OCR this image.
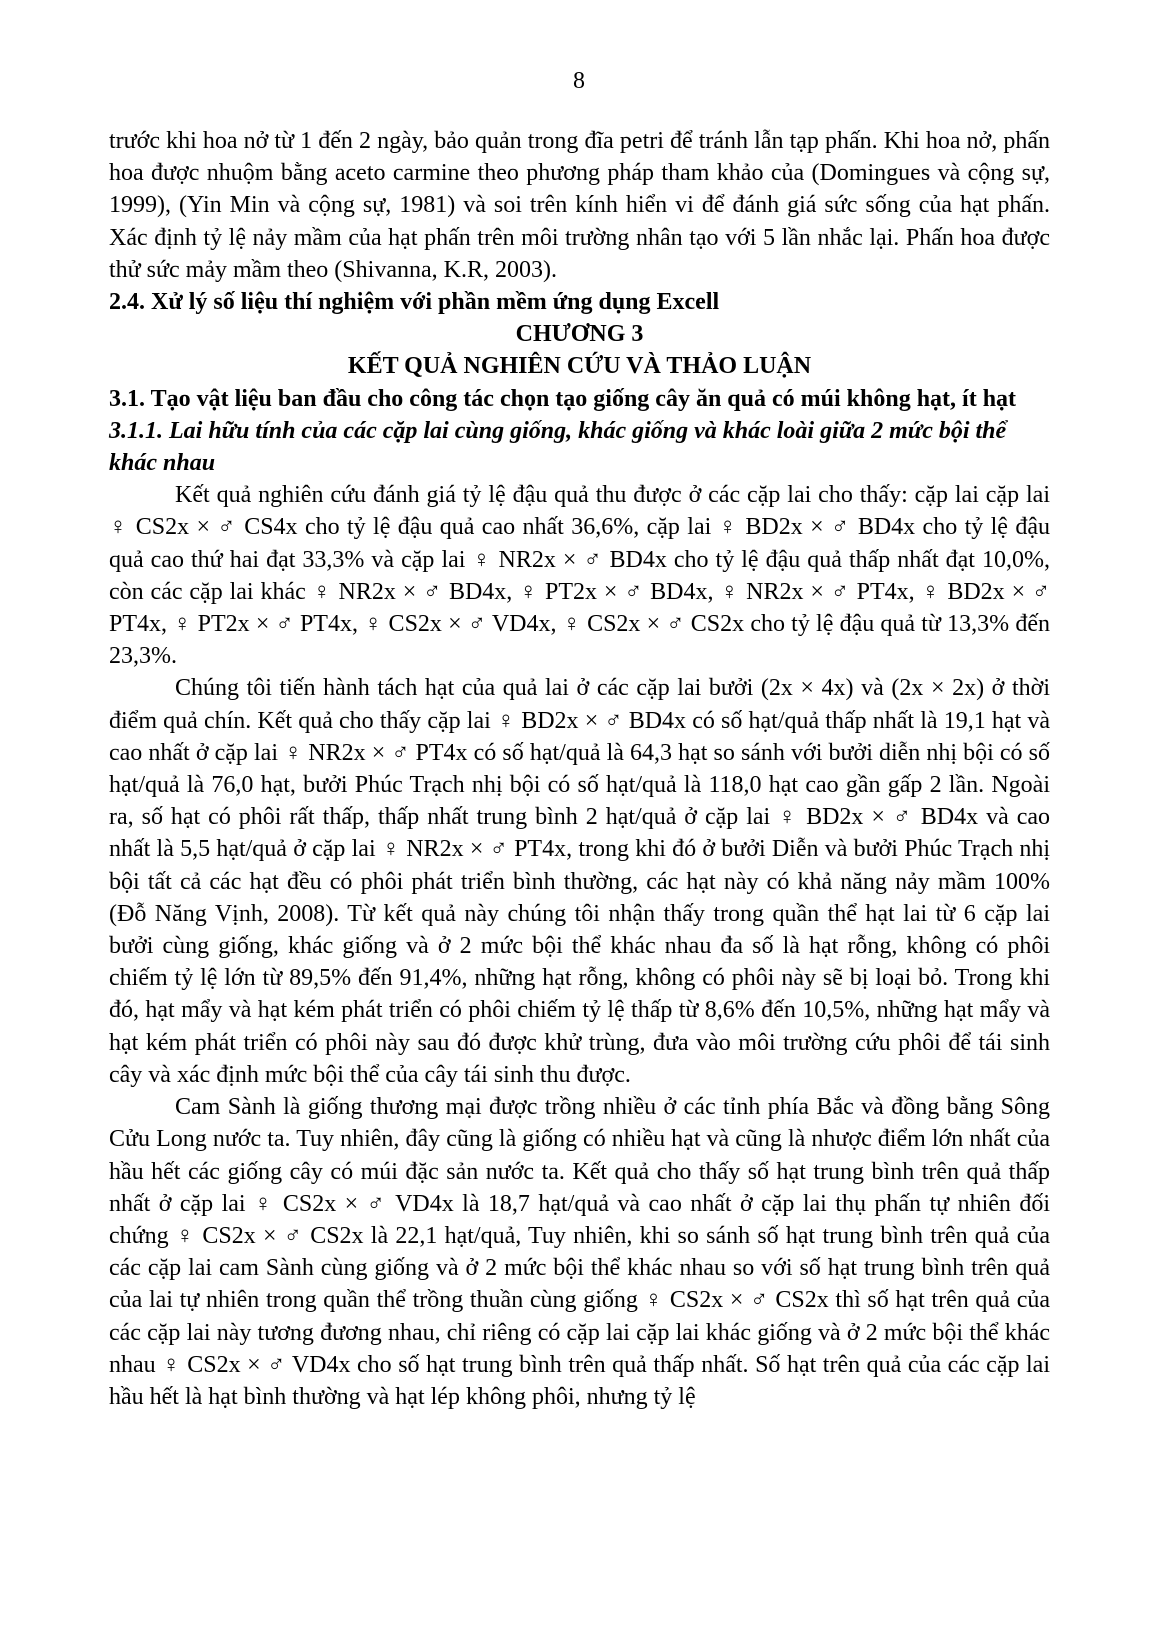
8

trước khi hoa nở từ 1 đến 2 ngày, bảo quản trong đĩa petri để tránh lẫn tạp phấn. Khi hoa nở, phấn hoa được nhuộm bằng aceto carmine theo phương pháp tham khảo của (Domingues và cộng sự, 1999), (Yin Min và cộng sự, 1981) và soi trên kính hiển vi để đánh giá sức sống của hạt phấn. Xác định tỷ lệ nảy mầm của hạt phấn trên môi trường nhân tạo với 5 lần nhắc lại. Phấn hoa được thử sức mảy mầm theo (Shivanna, K.R, 2003).

2.4. Xử lý số liệu thí nghiệm với phần mềm ứng dụng Excell

CHƯƠNG 3

KẾT QUẢ NGHIÊN CỨU VÀ THẢO LUẬN

3.1. Tạo vật liệu ban đầu cho công tác chọn tạo giống cây ăn quả có múi không hạt, ít hạt

3.1.1. Lai hữu tính của các cặp lai cùng giống, khác giống và khác loài giữa 2 mức bội thể khác nhau

Kết quả nghiên cứu đánh giá tỷ lệ đậu quả thu được ở các cặp lai cho thấy: cặp lai cặp lai ♀ CS2x × ♂ CS4x cho tỷ lệ đậu quả cao nhất 36,6%, cặp lai ♀ BD2x × ♂ BD4x cho tỷ lệ đậu quả cao thứ hai đạt 33,3% và cặp lai ♀ NR2x × ♂ BD4x cho tỷ lệ đậu quả thấp nhất đạt 10,0%, còn các cặp lai khác ♀ NR2x × ♂ BD4x, ♀ PT2x × ♂ BD4x, ♀ NR2x × ♂ PT4x, ♀ BD2x × ♂ PT4x, ♀ PT2x × ♂ PT4x, ♀ CS2x × ♂ VD4x, ♀ CS2x × ♂ CS2x cho tỷ lệ đậu quả từ 13,3% đến 23,3%.

Chúng tôi tiến hành tách hạt của quả lai ở các cặp lai bưởi (2x × 4x) và (2x × 2x) ở thời điểm quả chín. Kết quả cho thấy cặp lai ♀ BD2x × ♂ BD4x có số hạt/quả thấp nhất là 19,1 hạt và cao nhất ở cặp lai ♀ NR2x × ♂ PT4x có số hạt/quả là 64,3 hạt so sánh với bưởi diễn nhị bội có số hạt/quả là 76,0 hạt, bưởi Phúc Trạch nhị bội có số hạt/quả là 118,0 hạt cao gần gấp 2 lần. Ngoài ra, số hạt có phôi rất thấp, thấp nhất trung bình 2 hạt/quả ở cặp lai ♀ BD2x × ♂ BD4x và cao nhất là 5,5 hạt/quả ở cặp lai ♀ NR2x × ♂ PT4x, trong khi đó ở bưởi Diễn và bưởi Phúc Trạch nhị bội tất cả các hạt đều có phôi phát triển bình thường, các hạt này có khả năng nảy mầm 100% (Đỗ Năng Vịnh, 2008). Từ kết quả này chúng tôi nhận thấy trong quần thể hạt lai từ 6 cặp lai bưởi cùng giống, khác giống và ở 2 mức bội thể khác nhau đa số là hạt rỗng, không có phôi chiếm tỷ lệ lớn từ 89,5% đến 91,4%, những hạt rỗng, không có phôi này sẽ bị loại bỏ. Trong khi đó, hạt mẩy và hạt kém phát triển có phôi chiếm tỷ lệ thấp từ 8,6% đến 10,5%, những hạt mẩy và hạt kém phát triển có phôi này sau đó được khử trùng, đưa vào môi trường cứu phôi để tái sinh cây và xác định mức bội thể của cây tái sinh thu được.

Cam Sành là giống thương mại được trồng nhiều ở các tỉnh phía Bắc và đồng bằng Sông Cửu Long nước ta. Tuy nhiên, đây cũng là giống có nhiều hạt và cũng là nhược điểm lớn nhất của hầu hết các giống cây có múi đặc sản nước ta. Kết quả cho thấy số hạt trung bình trên quả thấp nhất ở cặp lai ♀ CS2x × ♂ VD4x là 18,7 hạt/quả và cao nhất ở cặp lai thụ phấn tự nhiên đối chứng ♀ CS2x × ♂ CS2x là 22,1 hạt/quả, Tuy nhiên, khi so sánh số hạt trung bình trên quả của các cặp lai cam Sành cùng giống và ở 2 mức bội thể khác nhau so với số hạt trung bình trên quả của lai tự nhiên trong quần thể trồng thuần cùng giống ♀ CS2x × ♂ CS2x thì số hạt trên quả của các cặp lai này tương đương nhau, chỉ riêng có cặp lai cặp lai khác giống và ở 2 mức bội thể khác nhau ♀ CS2x × ♂ VD4x cho số hạt trung bình trên quả thấp nhất. Số hạt trên quả của các cặp lai hầu hết là hạt bình thường và hạt lép không phôi, nhưng tỷ lệ
